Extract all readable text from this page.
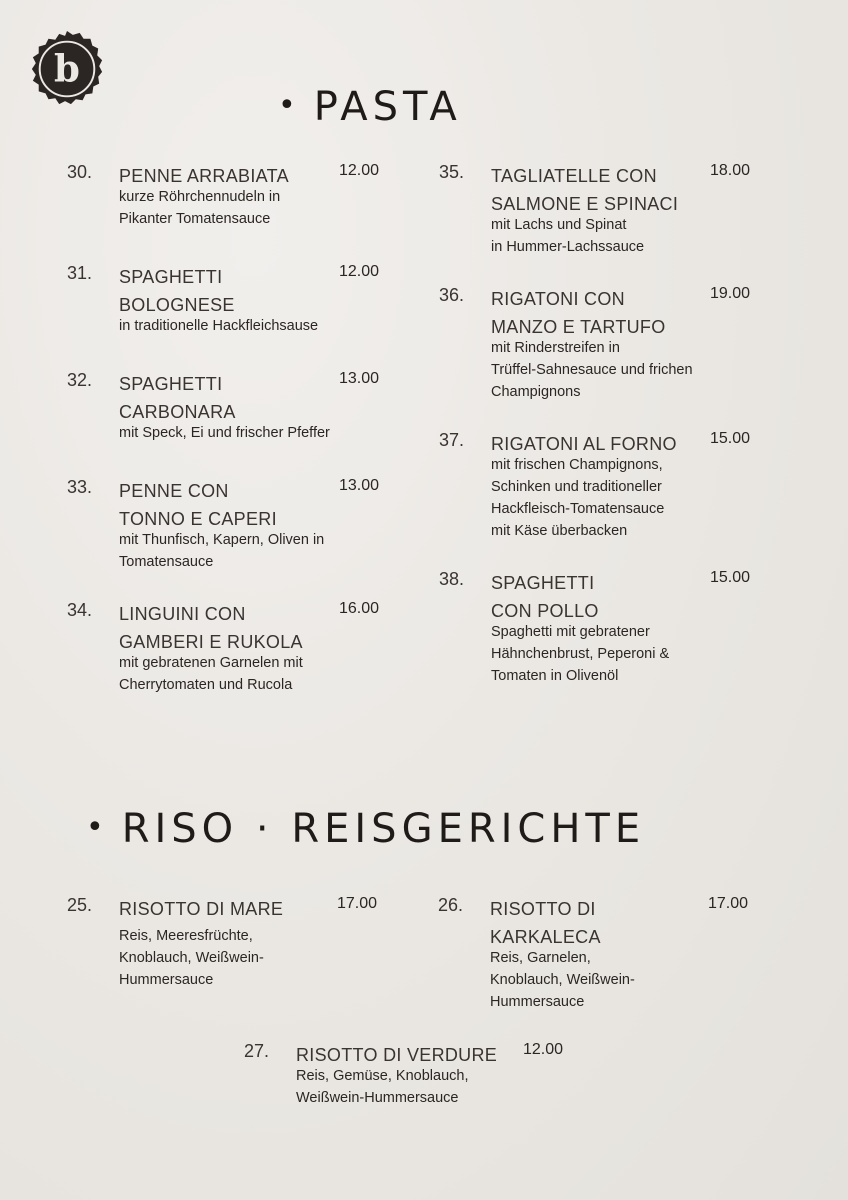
b
• PASTA
• RISO · REISGERICHTE
30. PENNE ARRABIATA	12.00
kurze Röhrchennudeln in
Pikanter Tomatensauce
31. SPAGHETTI
BOLOGNESE
12.00
in traditionelle Hackfleichsause
32. SPAGHETTI
CARBONARA
13.00
mit Speck, Ei und frischer Pfeffer
33. PENNE CON
TONNO E CAPERI
13.00
mit Thunfisch, Kapern, Oliven in
Tomatensauce
34. LINGUINI CON
GAMBERI E RUKOLA
16.00
mit gebratenen Garnelen mit
Cherrytomaten und Rucola
35. TAGLIATELLE CON
SALMONE E SPINACI
18.00
mit Lachs und Spinat
in Hummer-Lachssauce
36. RIGATONI CON
MANZO E TARTUFO
19.00
mit Rinderstreifen in
Trüffel-Sahnesauce und frichen
Champignons
37. RIGATONI AL FORNO 15.00
mit frischen Champignons,
Schinken und traditioneller
Hackfleisch-Tomatensauce
mit Käse überbacken
38. SPAGHETTI
CON POLLO
15.00
Spaghetti mit gebratener
Hähnchenbrust, Peperoni &
Tomaten in Olivenöl
25. RISOTTO DI MARE	17.00
Reis, Meeresfrüchte,
Knoblauch, Weißwein-
Hummersauce
26. RISOTTO DI
KARKALECA
17.00
Reis, Garnelen,
Knoblauch, Weißwein-
Hummersauce
27. RISOTTO DI VERDURE 12.00
Reis, Gemüse, Knoblauch,
Weißwein-Hummersauce
